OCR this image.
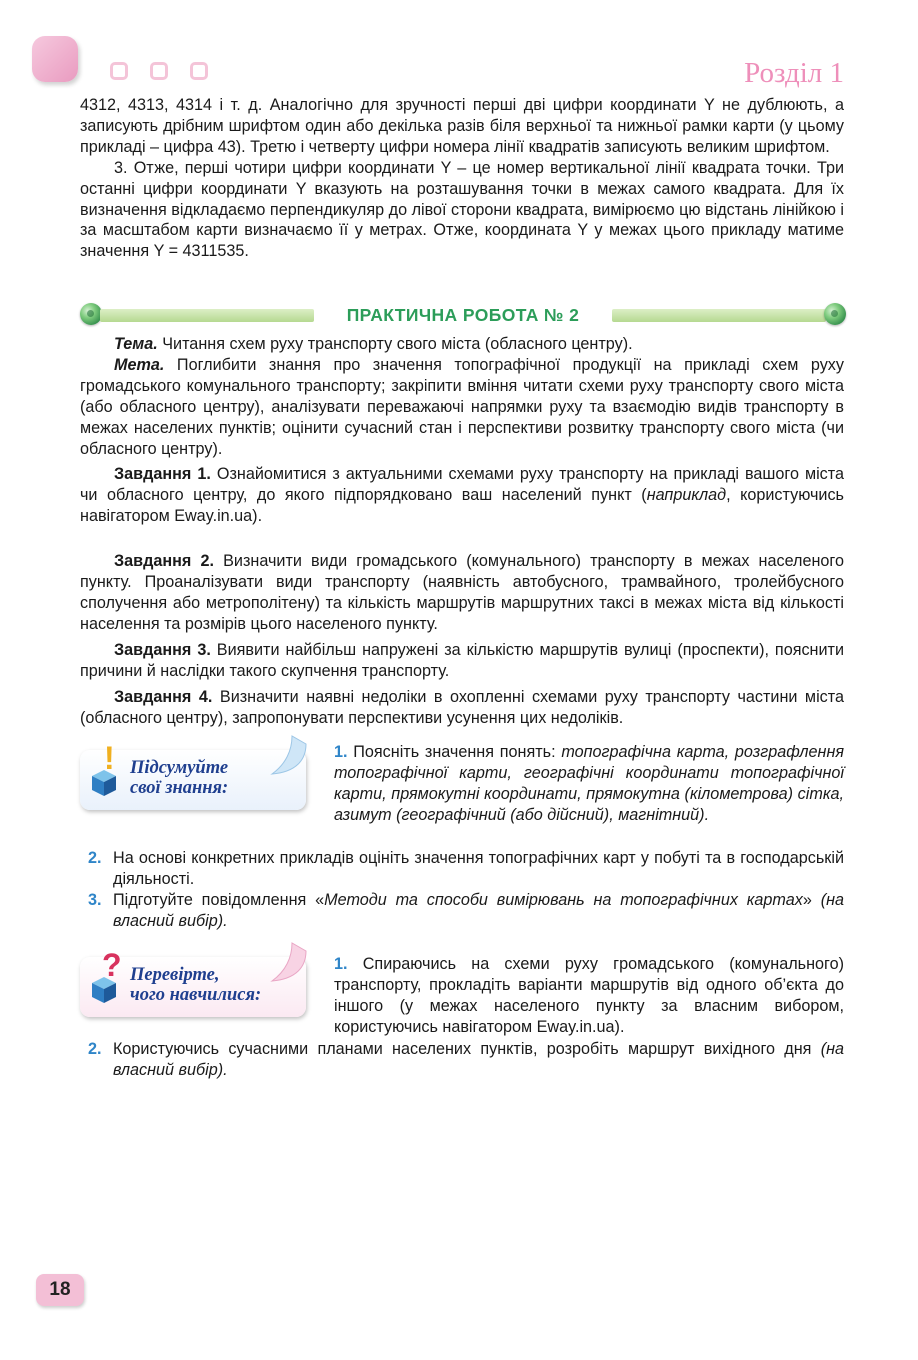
Розділ 1

4312, 4313, 4314 і т. д. Аналогічно для зручності перші дві цифри координати Y не дублюють, а записують дрібним шрифтом один або декілька разів біля верхньої та нижньої рамки карти (у цьому прикладі – цифра 43). Третю і четверту цифри номера лінії квадратів записують великим шрифтом.

3. Отже, перші чотири цифри координати Y – це номер вертикальної лінії квадрата точки. Три останні цифри координати Y вказують на розташування точки в межах самого квадрата. Для їх визначення відкладаємо перпендикуляр до лівої сторони квадрата, вимірюємо цю відстань лінійкою і за масштабом карти визначаємо її у метрах. Отже, координата Y у межах цього прикладу матиме значення Y = 4311535.

ПРАКТИЧНА РОБОТА № 2

Тема. Читання схем руху транспорту свого міста (обласного центру).

Мета. Поглибити знання про значення топографічної продукції на прикладі схем руху громадського комунального транспорту; закріпити вміння читати схеми руху транспорту свого міста (або обласного центру), аналізувати переважаючі напрямки руху та взаємодію видів транспорту в межах населених пунктів; оцінити сучасний стан і перспективи розвитку транспорту свого міста (чи обласного центру).

Завдання 1. Ознайомитися з актуальними схемами руху транспорту на прикладі вашого міста чи обласного центру, до якого підпорядковано ваш населений пункт (наприклад, користуючись навігатором Eway.in.ua).

Завдання 2. Визначити види громадського (комунального) транспорту в межах населеного пункту. Проаналізувати види транспорту (наявність автобусного, трамвайного, тролейбусного сполучення або метрополітену) та кількість маршрутів маршрутних таксі в межах міста від кількості населення та розмірів цього населеного пункту.

Завдання 3. Виявити найбільш напружені за кількістю маршрутів вулиці (проспекти), пояснити причини й наслідки такого скупчення транспорту.

Завдання 4. Визначити наявні недоліки в охопленні схемами руху транспорту частини міста (обласного центру), запропонувати перспективи усунення цих недоліків.

! Підсумуйте
свої знання:
1. Поясніть значення понять: топографічна карта, розграфлення топографічної карти, географічні координати топографічної карти, прямокутні координати, прямокутна (кілометрова) сітка, азимут (географічний (або дійсний), магнітний).
2. На основі конкретних прикладів оцініть значення топографічних карт у побуті та в господарській діяльності.
3. Підготуйте повідомлення «Методи та способи вимірювань на топографічних картах» (на власний вибір).
? Перевірте,
чого навчилися:
1. Спираючись на схеми руху громадського (комунального) транспорту, прокладіть варіанти маршрутів від одного об’єкта до іншого (у межах населеного пункту за власним вибором, користуючись навігатором Eway.in.ua).
2. Користуючись сучасними планами населених пунктів, розробіть маршрут вихідного дня (на власний вибір).
18
